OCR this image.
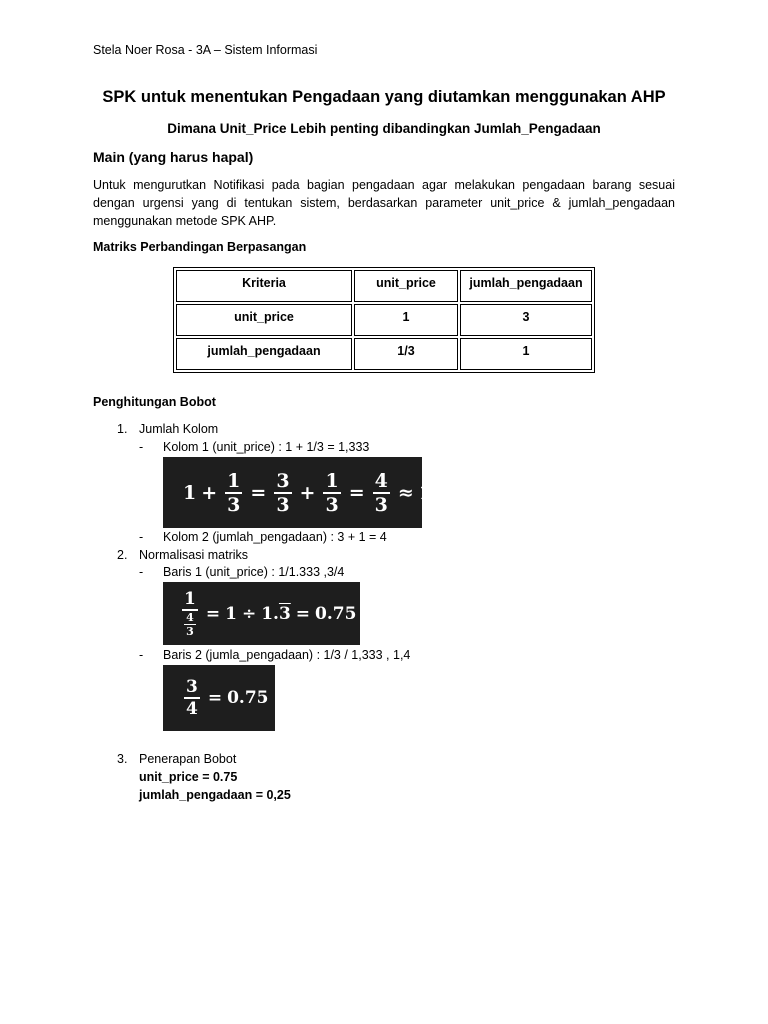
Stela Noer Rosa - 3A – Sistem Informasi
SPK untuk menentukan Pengadaan yang diutamkan menggunakan AHP
Dimana Unit_Price Lebih penting dibandingkan Jumlah_Pengadaan
Main (yang harus hapal)
Untuk mengurutkan Notifikasi pada bagian pengadaan agar melakukan pengadaan barang sesuai dengan urgensi yang di tentukan sistem, berdasarkan parameter unit_price & jumlah_pengadaan menggunakan metode SPK AHP.
Matriks Perbandingan Berpasangan
Kriteria	unit_price	jumlah_pengadaan
unit_price	1	3
jumlah_pengadaan	1/3	1
Penghitungan Bobot
1. Jumlah Kolom
- Kolom 1 (unit_price) : 1 + 1/3 = 1,333
$1 + \frac{1}{3} = \frac{3}{3} + \frac{1}{3} = \frac{4}{3} \approx 1$. 3
- Kolom 2 (jumlah_pengadaan) : 3 + 1 = 4
2. Normalisasi matriks
- Baris 1 (unit_price) : 1/1.333 ,3/4
$\frac{1}{\frac{4}{3}} = 1 \div 1$. 3 = 0.75
- Baris 2 (jumla_pengadaan) : 1/3 / 1,333 , 1,4
$\frac{3}{4} = 0.75$
3. Penerapan Bobot
unit_price = 0.75
jumlah_pengadaan = 0,25
